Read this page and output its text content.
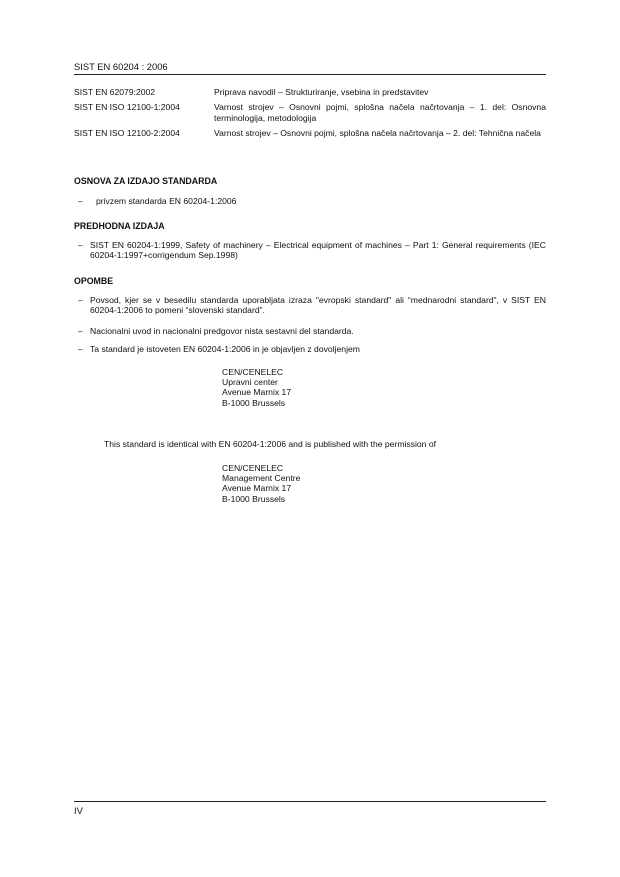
SIST EN 60204 : 2006
SIST EN 62079:2002	Priprava navodil – Strukturiranje, vsebina in predstavitev
SIST EN ISO 12100-1:2004	Varnost strojev – Osnovni pojmi, splošna načela načrtovanja – 1. del: Osnovna terminologija, metodologija
SIST EN ISO 12100-2:2004	Varnost strojev – Osnovni pojmi, splošna načela načrtovanja – 2. del: Tehnična načela
OSNOVA ZA IZDAJO STANDARDA
–	privzem standarda EN 60204-1:2006
PREDHODNA IZDAJA
– SIST EN 60204-1:1999, Safety of machinery – Electrical equipment of machines – Part 1: General requirements (IEC 60204-1:1997+corrigendum Sep.1998)
OPOMBE
– Povsod, kjer se v besedilu standarda uporabljata izraza "evropski standard" ali “mednarodni standard”, v SIST EN 60204-1:2006 to pomeni “slovenski standard”.
– Nacionalni uvod in nacionalni predgovor nista sestavni del standarda.
– Ta standard je istoveten EN 60204-1:2006 in je objavljen z dovoljenjem
CEN/CENELEC
Upravni center
Avenue Marnix 17
B-1000 Brussels
This standard is identical with EN 60204-1:2006 and is published with the permission of
CEN/CENELEC
Management Centre
Avenue Marnix 17
B-1000 Brussels
IV
